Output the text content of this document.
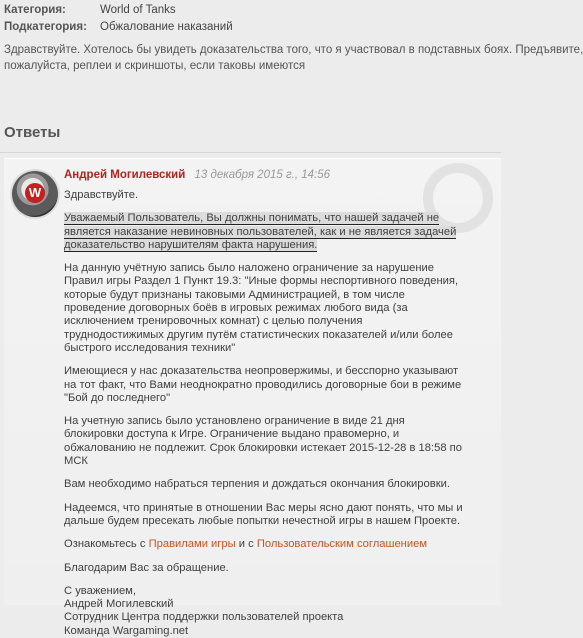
Категория:	World of Tanks
Подкатегория:	Обжалование наказаний
Здравствуйте. Хотелось бы увидеть доказательства того, что я участвовал в подставных боях. Предъявите,
пожалуйста, реплеи и скриншоты, если таковы имеются
Ответы
W
Андрей Могилевский 13 декабря 2015 г., 14:56

Здравствуйте.

Уважаемый Пользователь, Вы должны понимать, что нашей задачей не является наказание невиновных пользователей, как и не является задачей доказательство нарушителям факта нарушения.

На данную учётную запись было наложено ограничение за нарушение Правил игры Раздел 1 Пункт 19.3: "Иные формы неспортивного поведения, которые будут признаны таковыми Администрацией, в том числе проведение договорных боёв в игровых режимах любого вида (за исключением тренировочных комнат) с целью получения труднодостижимых другим путём статистических показателей и/или более быстрого исследования техники"

Имеющиеся у нас доказательства неопровержимы, и бесспорно указывают на тот факт, что Вами неоднократно проводились договорные бои в режиме "Бой до последнего"

На учетную запись было установлено ограничение в виде 21 дня блокировки доступа к Игре. Ограничение выдано правомерно, и обжалованию не подлежит. Срок блокировки истекает 2015-12-28 в 18:58 по МСК

Вам необходимо набраться терпения и дождаться окончания блокировки.

Надеемся, что принятые в отношении Вас меры ясно дают понять, что мы и дальше будем пресекать любые попытки нечестной игры в нашем Проекте.

Ознакомьтесь с Правилами игры и с Пользовательским соглашением

Благодарим Вас за обращение.

С уважением,

Андрей Могилевский

Сотрудник Центра поддержки пользователей проекта

Команда Wargaming.net
